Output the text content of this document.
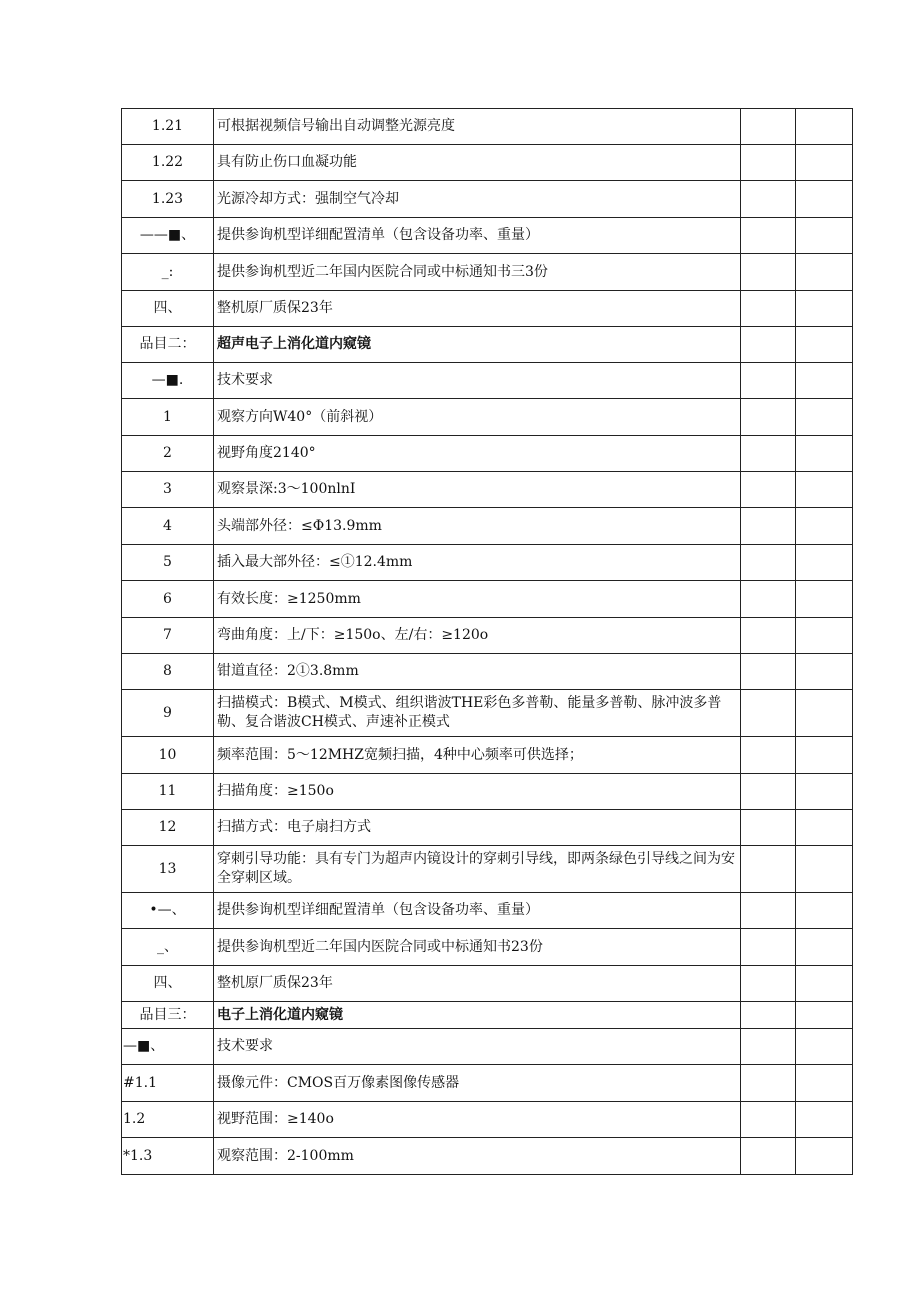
1.21	可根据视频信号输出自动调整光源亮度		
1.22	具有防止伤口血凝功能		
1.23	光源冷却方式：强制空气冷却		
——■、	提供参询机型详细配置清单（包含设备功率、重量）		
_:	提供参询机型近二年国内医院合同或中标通知书三3份		
四、	整机原厂质保23年		
品目二：	超声电子上消化道内窥镜		
—■.	技术要求		
1	观察方向W40°（前斜视）		
2	视野角度2140°		
3	观察景深:3～100nlnI		
4	头端部外径：≤Φ13.9mm		
5	插入最大部外径：≤①12.4mm		
6	有效长度：≥1250mm		
7	弯曲角度：上/下：≥150o、左/右：≥120o		
8	钳道直径：2①3.8mm		
9	扫描模式：B模式、M模式、组织谐波THE彩色多普勒、能量多普勒、脉冲波多普勒、复合谐波CH模式、声速补正模式		
10	频率范围：5～12MHZ宽频扫描，4种中心频率可供选择；		
11	扫描角度：≥150o		
12	扫描方式：电子扇扫方式		
13	穿刺引导功能：具有专门为超声内镜设计的穿刺引导线，即两条绿色引导线之间为安全穿刺区域。		
•—、	提供参询机型详细配置清单（包含设备功率、重量）		
_、	提供参询机型近二年国内医院合同或中标通知书23份		
四、	整机原厂质保23年		
品目三：	电子上消化道内窥镜		
—■、	技术要求		
#1.1	摄像元件：CMOS百万像素图像传感器		
1.2	视野范围：≥140o		
*1.3	观察范围：2-100mm		
